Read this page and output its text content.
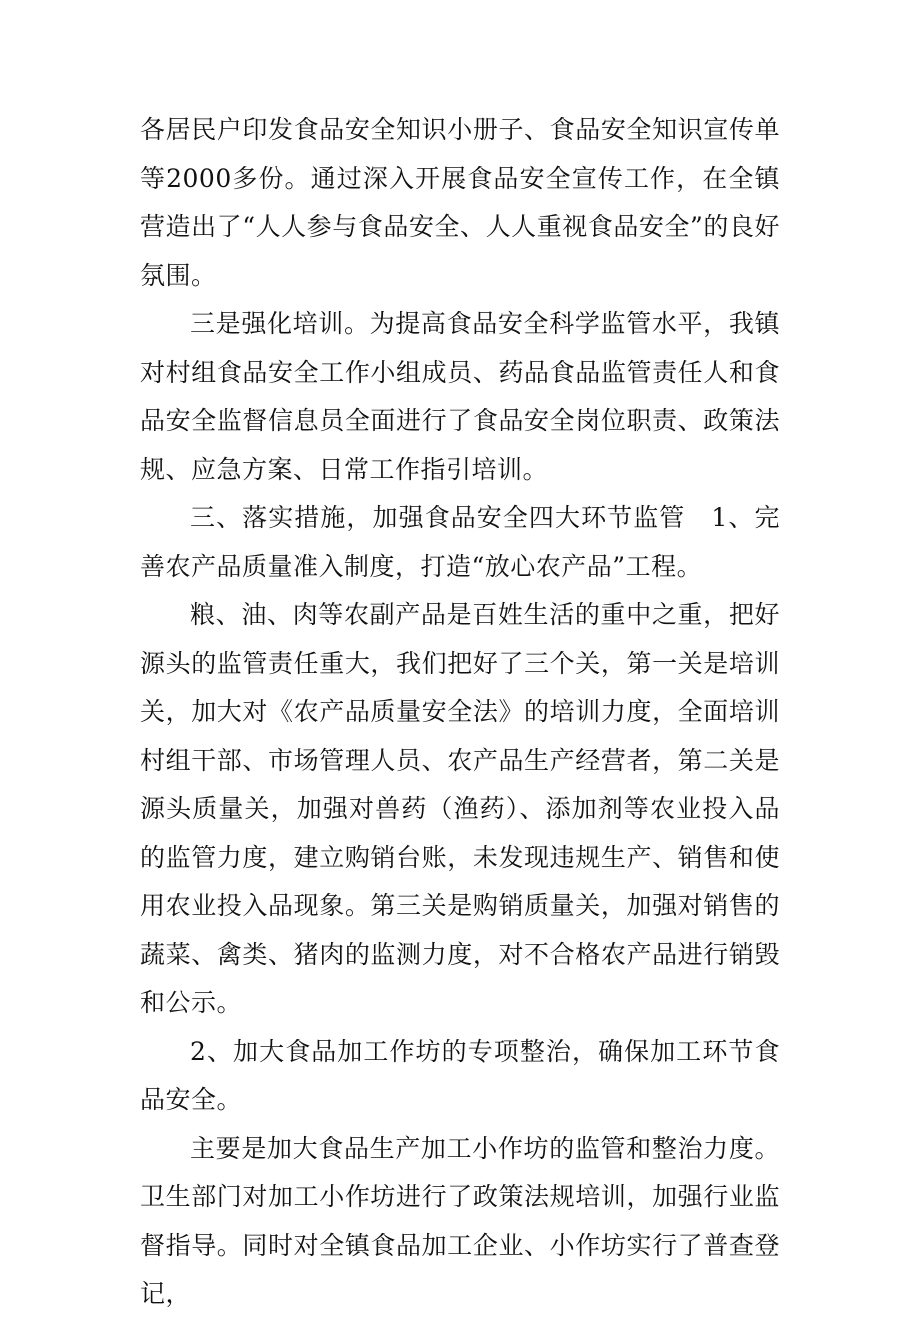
各居民户印发食品安全知识小册子、食品安全知识宣传单等2000多份。通过深入开展食品安全宣传工作，在全镇营造出了“人人参与食品安全、人人重视食品安全”的良好氛围。

三是强化培训。为提高食品安全科学监管水平，我镇对村组食品安全工作小组成员、药品食品监管责任人和食品安全监督信息员全面进行了食品安全岗位职责、政策法规、应急方案、日常工作指引培训。

三、落实措施，加强食品安全四大环节监管　1、完善农产品质量准入制度，打造“放心农产品”工程。

粮、油、肉等农副产品是百姓生活的重中之重，把好源头的监管责任重大，我们把好了三个关，第一关是培训关，加大对《农产品质量安全法》的培训力度，全面培训村组干部、市场管理人员、农产品生产经营者，第二关是源头质量关，加强对兽药（渔药）、添加剂等农业投入品的监管力度，建立购销台账，未发现违规生产、销售和使用农业投入品现象。第三关是购销质量关，加强对销售的蔬菜、禽类、猪肉的监测力度，对不合格农产品进行销毁和公示。

2、加大食品加工作坊的专项整治，确保加工环节食品安全。

主要是加大食品生产加工小作坊的监管和整治力度。卫生部门对加工小作坊进行了政策法规培训，加强行业监督指导。同时对全镇食品加工企业、小作坊实行了普查登记，
